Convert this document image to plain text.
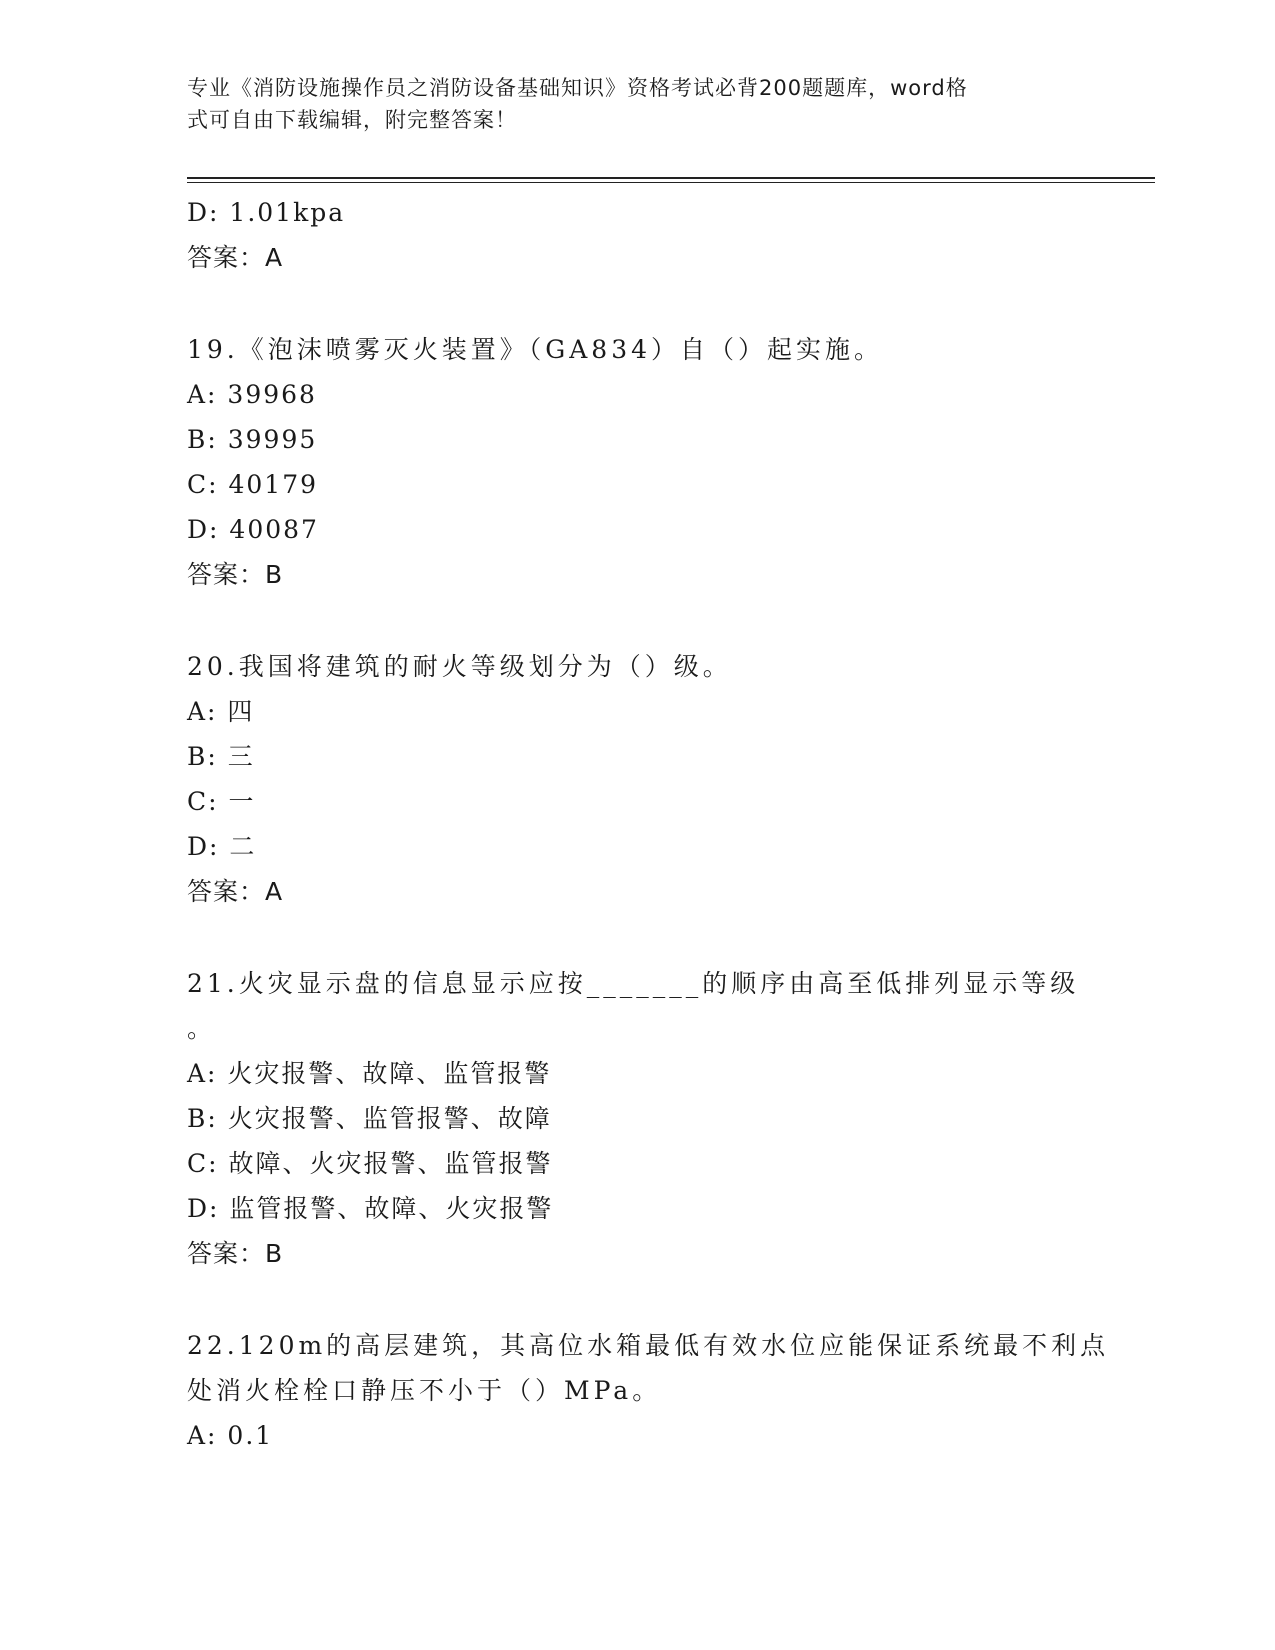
专业《消防设施操作员之消防设备基础知识》资格考试必背200题题库，word格
式可自由下载编辑，附完整答案！
D: 1.01kpa
答案：A
19.《泡沫喷雾灭火装置》（GA834）自（）起实施。
A: 39968
B: 39995
C: 40179
D: 40087
答案：B
20.我国将建筑的耐火等级划分为（）级。
A: 四
B: 三
C: 一
D: 二
答案：A
21.火灾显示盘的信息显示应按_______的顺序由高至低排列显示等级
。
A: 火灾报警、故障、监管报警
B: 火灾报警、监管报警、故障
C: 故障、火灾报警、监管报警
D: 监管报警、故障、火灾报警
答案：B
22.120m的高层建筑，其高位水箱最低有效水位应能保证系统最不利点
处消火栓栓口静压不小于（）MPa。
A: 0.1
